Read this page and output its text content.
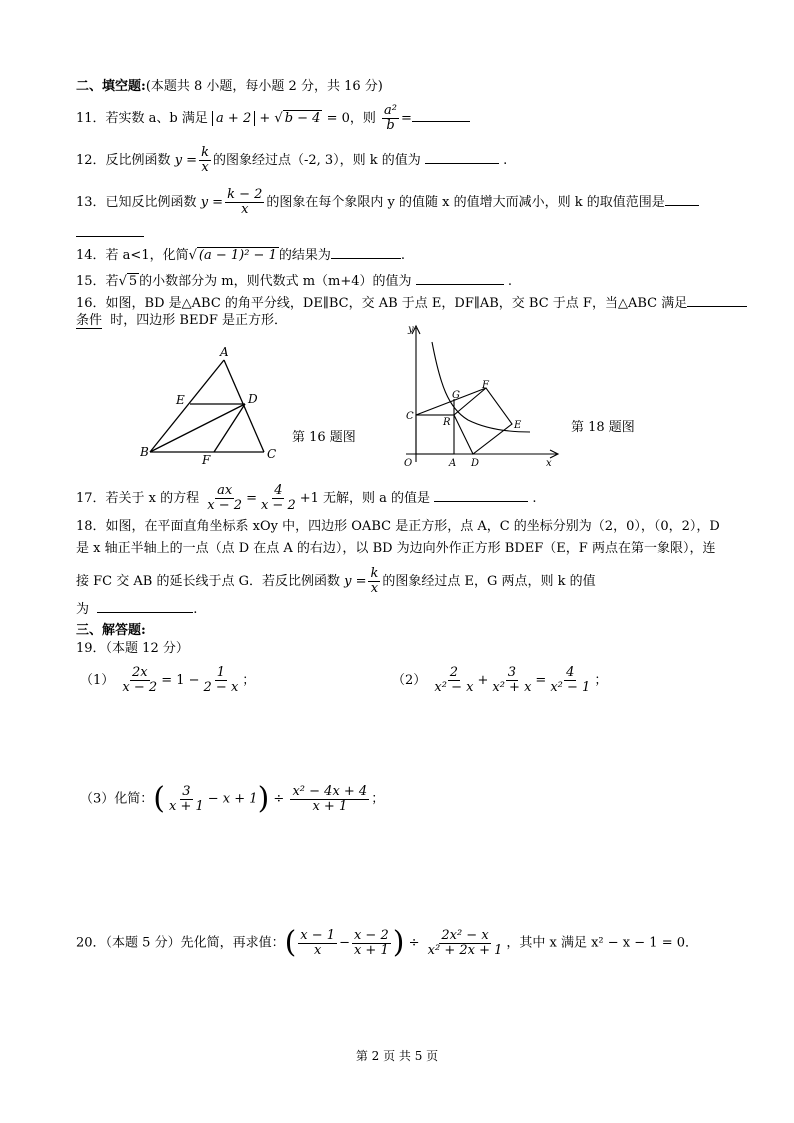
二、填空题:(本题共 8 小题，每小题 2 分，共 16 分)
11．若实数 a、b 满足 a + 2 + √ b − 4 = 0，则 $\frac{\text{a²}}{b}$ =
12．反比例函数 $y = \frac{k}{x}$ 的图象经过点（-2, 3），则 k 的值为	.
13．已知反比例函数 $y = \frac{k - 2}{x}$ 的图象在每个象限内 y 的值随 x 的值增大而减小，则 k 的取值范围是
14．若 a<1，化简√ (a − 1)² − 1 的结果为	.
15．若√ 5 的小数部分为 m，则代数式 m（m+4）的值为	.
16．如图，BD 是△ABC 的角平分线，DE∥BC，交 AB 于点 E，DF∥AB，交 BC 于点 F，当△ABC 满足
条件 时，四边形 BEDF 是正方形．
A
B	C
D
E
F
第 16 题图
y
x
O	A D
C
R
G
F
E	第 18 题图
17．若关于 x 的方程 $\frac{ax}{x - 2} = \frac{4}{x - 2} +1$ 无解，则 a 的值是	.
18．如图，在平面直角坐标系 xOy 中，四边形 OABC 是正方形，点 A，C 的坐标分别为（2，0），（0，2），D
是 x 轴正半轴上的一点（点 D 在点 A 的右边），以 BD 为边向外作正方形 BDEF（E，F 两点在第一象限），连
接 FC 交 AB 的延长线于点 G．若反比例函数 $y = \frac{k}{x}$ 的图象经过点 E，G 两点，则 k 的值
为	.
三、解答题:
19．（本题 12 分）
$(1) \frac{2x}{x - 2} = 1 - \frac{1}{2 - x}$ ；	$(2) \frac{2}{\text{x² − x}} + \frac{3}{\text{x² + x}} = \frac{4}{\text{x² − 1}}$ ；
（3）化简：( $\frac{3}{x + 1} - x + 1) \div \frac{\text{x² − 4x + 4}}{x + 1}$ ；
20．（本题 5 分）先化简，再求值：( $\frac{x - 1}{x} - \frac{x - 2}{x + 1}$ ) ÷ $\frac{\text{2x² − x}}{\text{x² + 2x + 1}}$ ，其中 x 满足 x² − x − 1 = 0．
第 2 页 共 5 页
